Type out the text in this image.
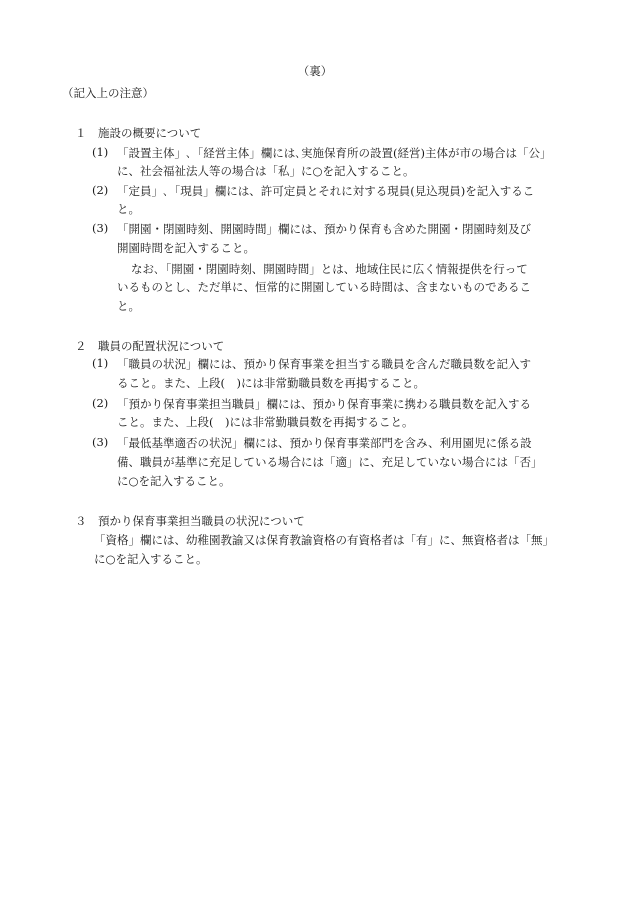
（裏）
（記入上の注意）
１　施設の概要について
(1) 「設置主体」､「経営主体」欄には､実施保育所の設置(経営)主体が市の場合は「公」
に、社会福祉法人等の場合は「私」に○を記入すること。
(2) 「定員」､「現員」欄には、許可定員とそれに対する現員(見込現員)を記入するこ
と。
(3) 「開園・閉園時刻、開園時間」欄には、預かり保育も含めた開園・閉園時刻及び
開園時間を記入すること。
なお､「開園・閉園時刻、開園時間」とは、地域住民に広く情報提供を行って
いるものとし、ただ単に、恒常的に開園している時間は、含まないものであるこ
と。
２　職員の配置状況について
(1) 「職員の状況」欄には、預かり保育事業を担当する職員を含んだ職員数を記入す
ること。また、上段(　)には非常勤職員数を再掲すること。
(2) 「預かり保育事業担当職員」欄には、預かり保育事業に携わる職員数を記入する
こと。また、上段(　)には非常勤職員数を再掲すること。
(3) 「最低基準適否の状況」欄には、預かり保育事業部門を含み、利用園児に係る設
備、職員が基準に充足している場合には「適」に、充足していない場合には「否」
に○を記入すること。
３　預かり保育事業担当職員の状況について
「資格」欄には、幼稚園教諭又は保育教諭資格の有資格者は「有」に、無資格者は「無」
に○を記入すること。
